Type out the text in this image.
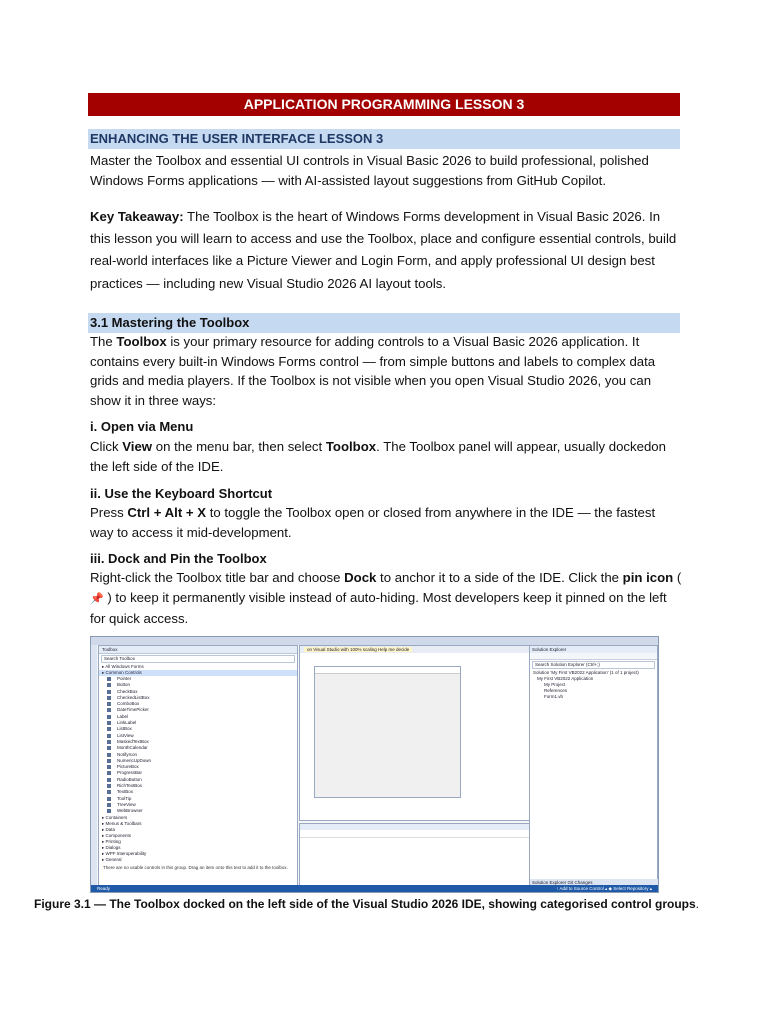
APPLICATION PROGRAMMING LESSON 3
ENHANCING THE USER INTERFACE LESSON 3

Master the Toolbox and essential UI controls in Visual Basic 2026 to build professional, polished Windows Forms applications — with AI-assisted layout suggestions from GitHub Copilot.

Key Takeaway: The Toolbox is the heart of Windows Forms development in Visual Basic 2026. In this lesson you will learn to access and use the Toolbox, place and configure essential controls, build real-world interfaces like a Picture Viewer and Login Form, and apply professional UI design best practices — including new Visual Studio 2026 AI layout tools.

3.1 Mastering the Toolbox

The Toolbox is your primary resource for adding controls to a Visual Basic 2026 application. It contains every built-in Windows Forms control — from simple buttons and labels to complex data grids and media players. If the Toolbox is not visible when you open Visual Studio 2026, you can show it in three ways:

i. Open via Menu

Click View on the menu bar, then select Toolbox. The Toolbox panel will appear, usually dockedon the left side of the IDE.

ii. Use the Keyboard Shortcut

Press Ctrl + Alt + X to toggle the Toolbox open or closed from anywhere in the IDE — the fastest way to access it mid-development.

iii. Dock and Pin the Toolbox

Right-click the Toolbox title bar and choose Dock to anchor it to a side of the IDE. Click the pin icon ( 📌 ) to keep it permanently visible instead of auto-hiding. Most developers keep it pinned on the left for quick access.

Toolbox
Search Toolbox
▸ All Windows Forms
▸ Common Controls
Pointer
Button
CheckBox
CheckedListBox
ComboBox
DateTimePicker
Label
LinkLabel
ListBox
ListView
MaskedTextBox
MonthCalendar
NotifyIcon
NumericUpDown
PictureBox
ProgressBar
RadioButton
RichTextBox
TextBox
ToolTip
TreeView
WebBrowser
▸ Containers
▸ Menus & Toolbars
▸ Data
▸ Components
▸ Printing
▸ Dialogs
▸ WPF Interoperability
▸ General
There are no usable controls in this group. Drag an item onto this text to add it to the toolbox.
on Visual Studio with 100% scaling Help me decide	Solution Explorer
Search Solution Explorer (Ctrl+;)
Solution 'My First VB2022 Application' (1 of 1 project)
My First VB2022 Application
My Project
References
Form1.vb
Solution Explorer Git Changes
Ready	↑ Add to Source Control ▴ ◆ Select Repository ▴
Figure 3.1 — The Toolbox docked on the left side of the Visual Studio 2026 IDE, showing categorised control groups.
